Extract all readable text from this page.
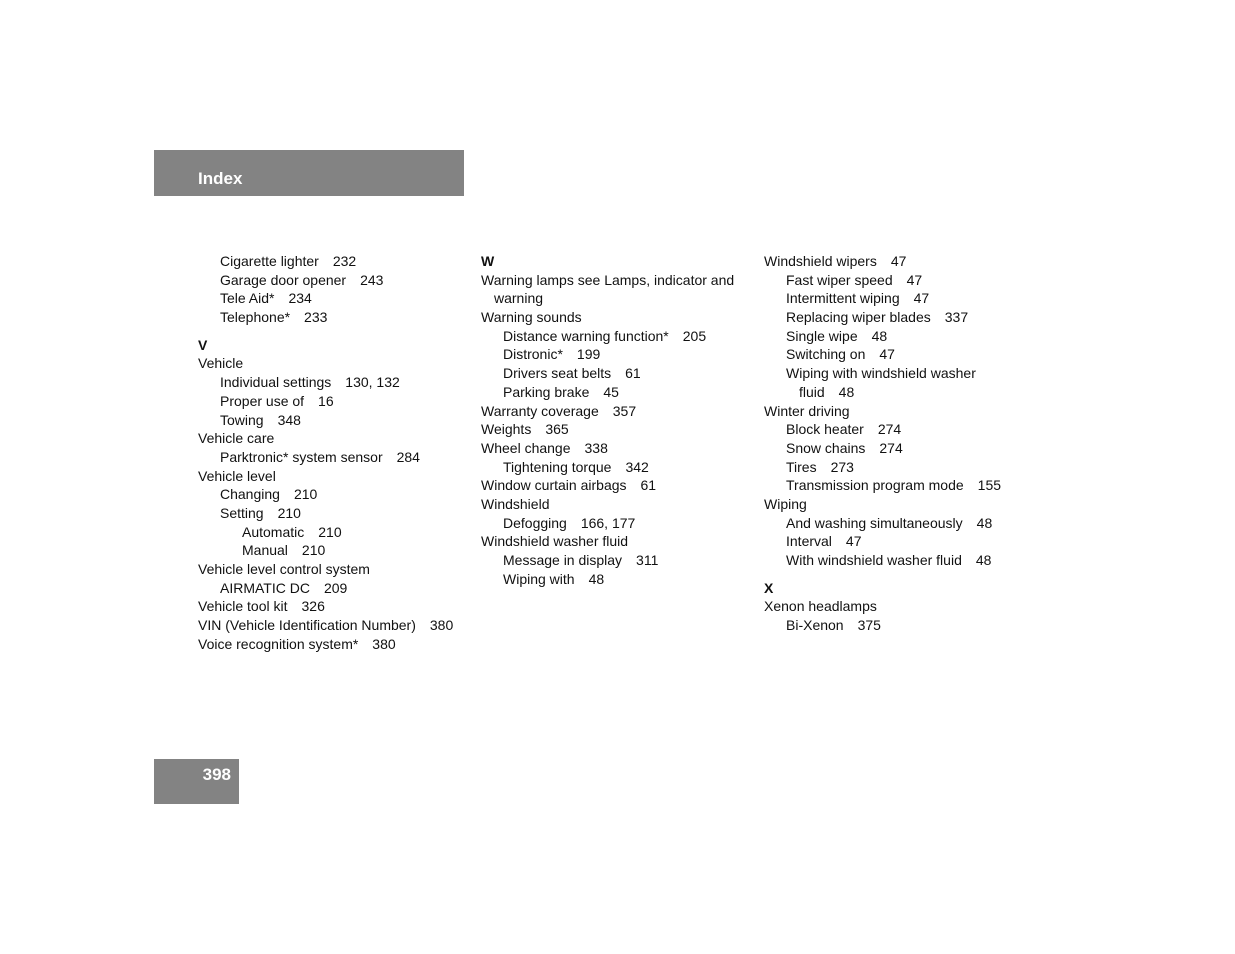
Index
Cigarette lighter 232
Garage door opener 243
Tele Aid* 234
Telephone* 233
V
Vehicle
Individual settings 130, 132
Proper use of 16
Towing 348
Vehicle care
Parktronic* system sensor 284
Vehicle level
Changing 210
Setting 210
Automatic 210
Manual 210
Vehicle level control system
AIRMATIC DC 209
Vehicle tool kit 326
VIN (Vehicle Identification Number) 380
Voice recognition system* 380
W
Warning lamps see Lamps, indicator and
warning
Warning sounds
Distance warning function* 205
Distronic* 199
Drivers seat belts 61
Parking brake 45
Warranty coverage 357
Weights 365
Wheel change 338
Tightening torque 342
Window curtain airbags 61
Windshield
Defogging 166, 177
Windshield washer fluid
Message in display 311
Wiping with 48
Windshield wipers 47
Fast wiper speed 47
Intermittent wiping 47
Replacing wiper blades 337
Single wipe 48
Switching on 47
Wiping with windshield washer
fluid 48
Winter driving
Block heater 274
Snow chains 274
Tires 273
Transmission program mode 155
Wiping
And washing simultaneously 48
Interval 47
With windshield washer fluid 48
X
Xenon headlamps
Bi-Xenon 375
398
